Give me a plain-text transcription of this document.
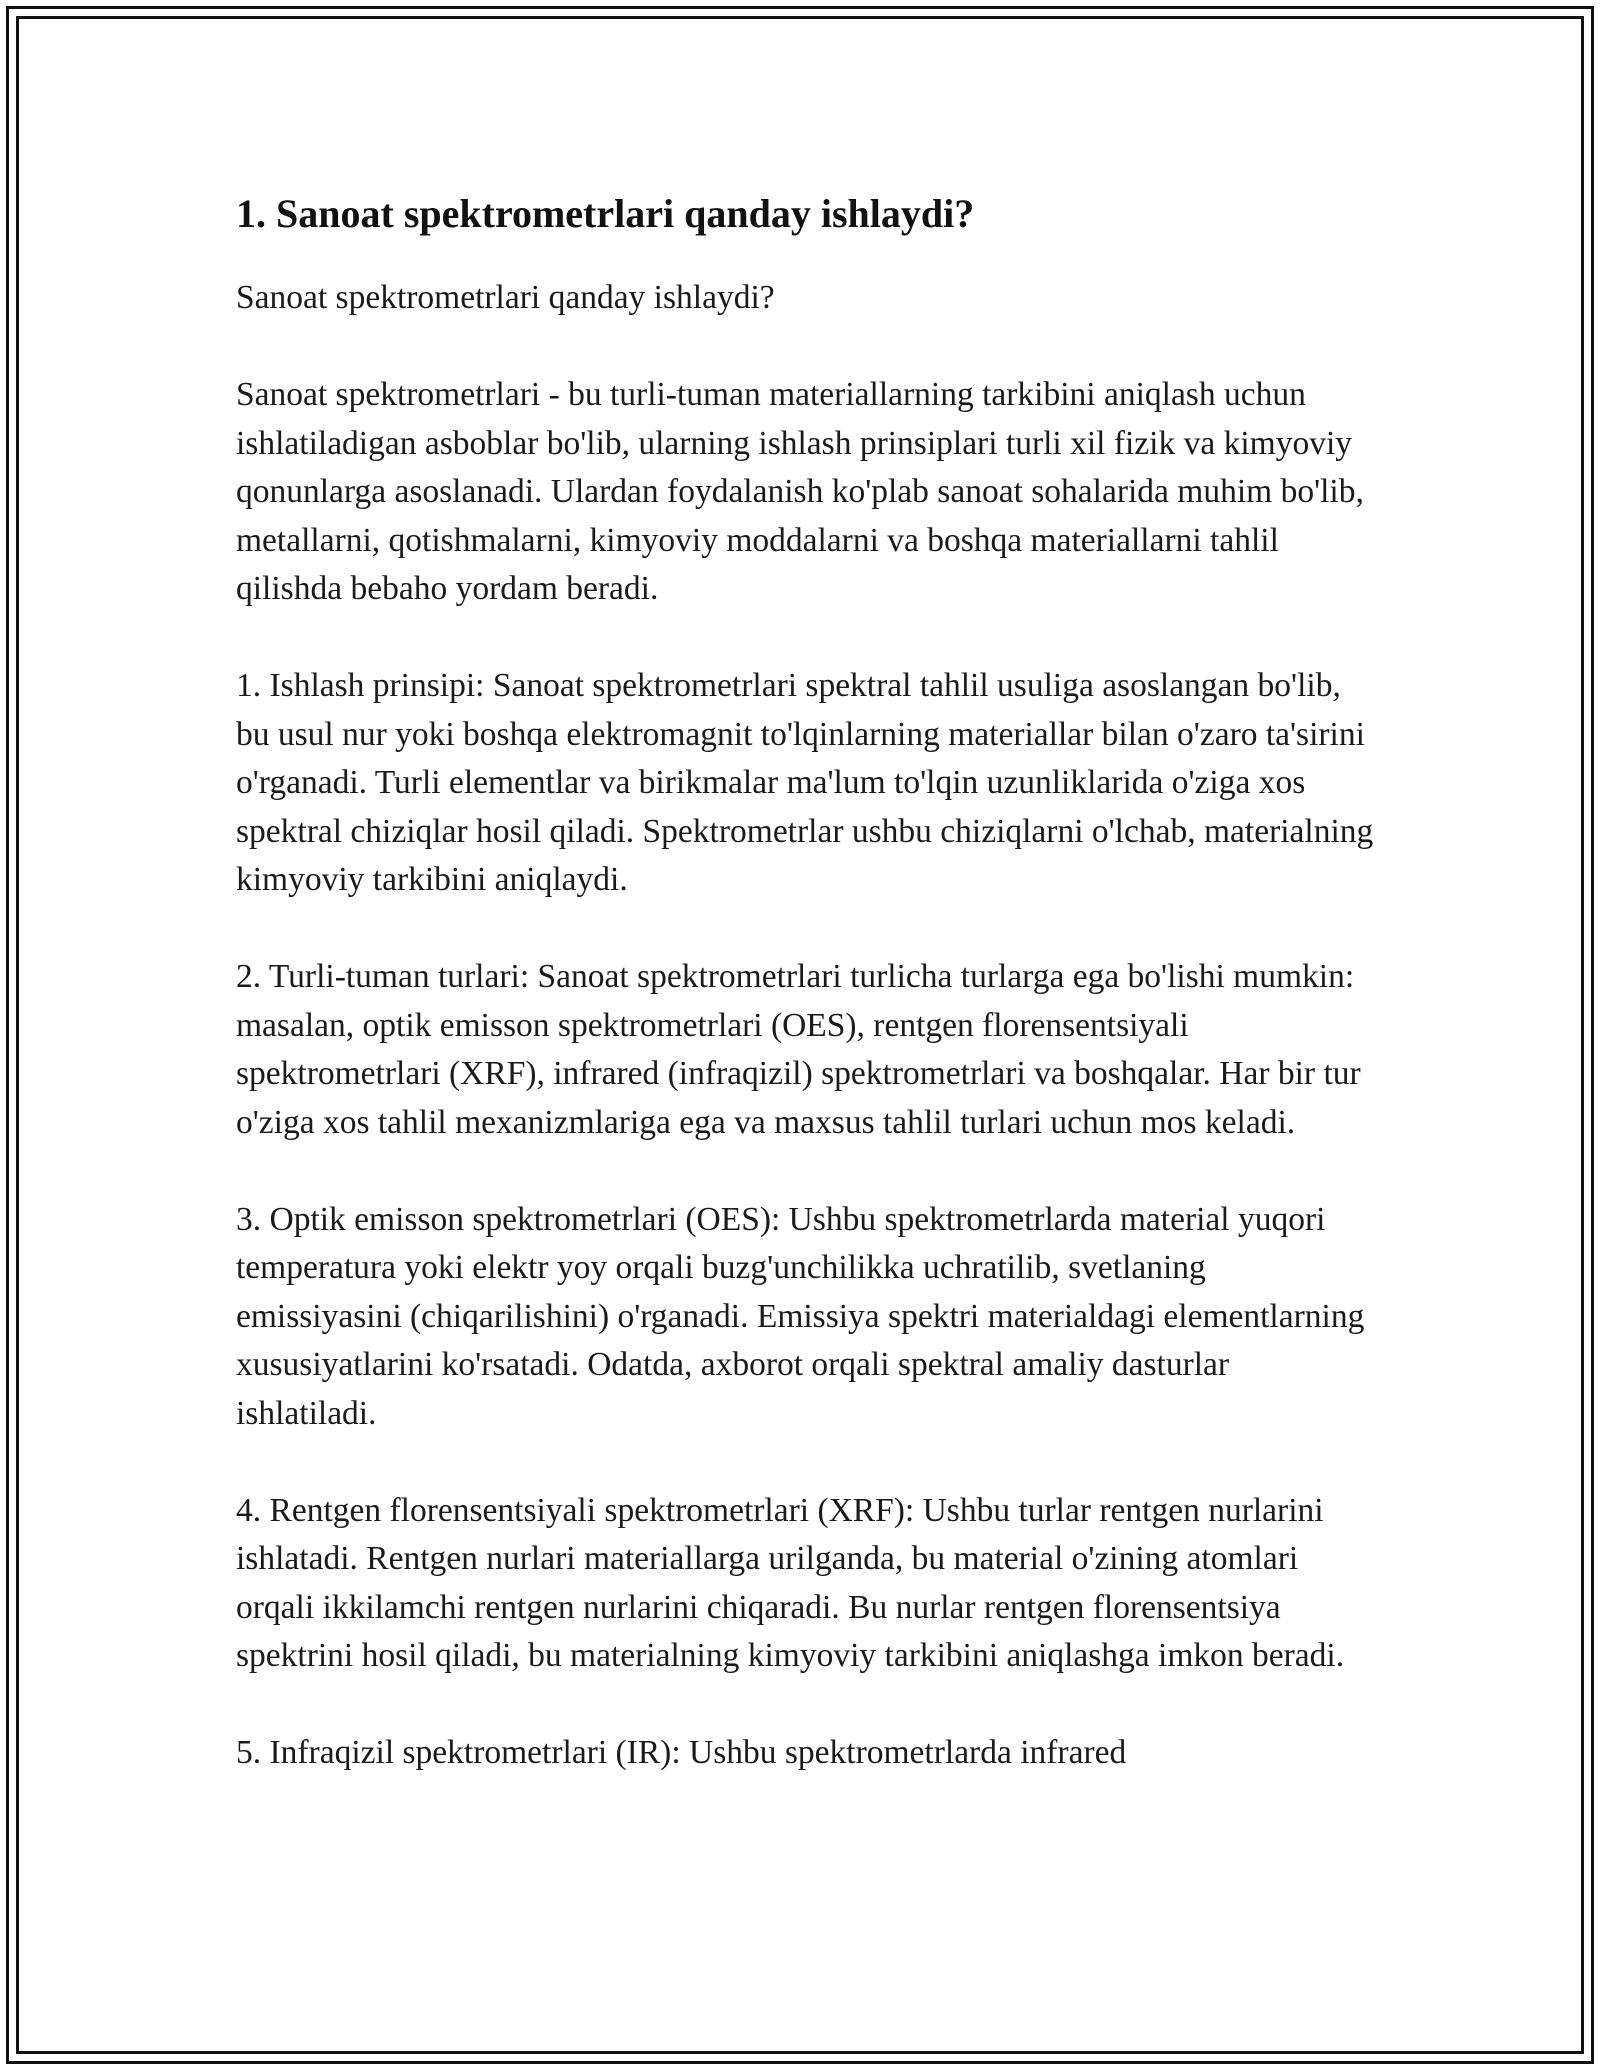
1. Sanoat spektrometrlari qanday ishlaydi?

Sanoat spektrometrlari qanday ishlaydi?

Sanoat spektrometrlari - bu turli-tuman materiallarning tarkibini aniqlash uchun ishlatiladigan asboblar bo'lib, ularning ishlash prinsiplari turli xil fizik va kimyoviy qonunlarga asoslanadi. Ulardan foydalanish ko'plab sanoat sohalarida muhim bo'lib, metallarni, qotishmalarni, kimyoviy moddalarni va boshqa materiallarni tahlil qilishda bebaho yordam beradi.

1. Ishlash prinsipi: Sanoat spektrometrlari spektral tahlil usuliga asoslangan bo'lib, bu usul nur yoki boshqa elektromagnit to'lqinlarning materiallar bilan o'zaro ta'sirini o'rganadi. Turli elementlar va birikmalar ma'lum to'lqin uzunliklarida o'ziga xos spektral chiziqlar hosil qiladi. Spektrometrlar ushbu chiziqlarni o'lchab, materialning kimyoviy tarkibini aniqlaydi.

2. Turli-tuman turlari: Sanoat spektrometrlari turlicha turlarga ega bo'lishi mumkin: masalan, optik emisson spektrometrlari (OES), rentgen florensentsiyali spektrometrlari (XRF), infrared (infraqizil) spektrometrlari va boshqalar. Har bir tur o'ziga xos tahlil mexanizmlariga ega va maxsus tahlil turlari uchun mos keladi.

3. Optik emisson spektrometrlari (OES): Ushbu spektrometrlarda material yuqori temperatura yoki elektr yoy orqali buzg'unchilikka uchratilib, svetlaning emissiyasini (chiqarilishini) o'rganadi. Emissiya spektri materialdagi elementlarning xususiyatlarini ko'rsatadi. Odatda, axborot orqali spektral amaliy dasturlar ishlatiladi.

4. Rentgen florensentsiyali spektrometrlari (XRF): Ushbu turlar rentgen nurlarini ishlatadi. Rentgen nurlari materiallarga urilganda, bu material o'zining atomlari orqali ikkilamchi rentgen nurlarini chiqaradi. Bu nurlar rentgen florensentsiya spektrini hosil qiladi, bu materialning kimyoviy tarkibini aniqlashga imkon beradi.

5. Infraqizil spektrometrlari (IR): Ushbu spektrometrlarda infrared
